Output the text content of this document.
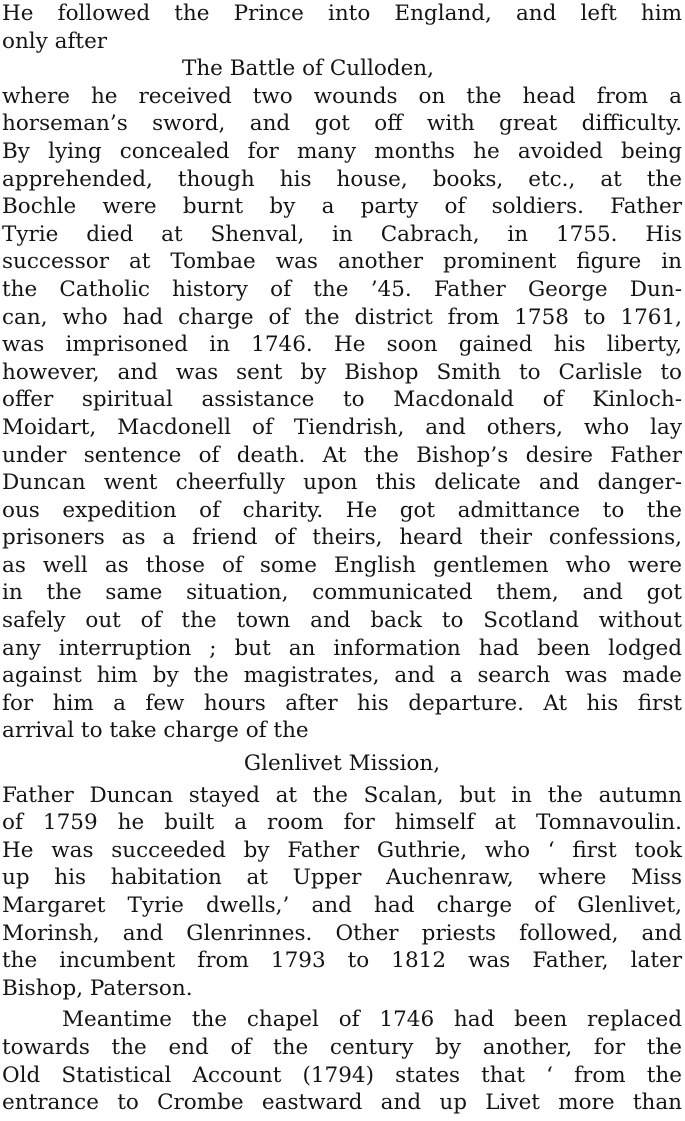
He followed the Prince into England, and left him
only after
The Battle of Culloden,
where he received two wounds on the head from a
horseman’s sword, and got off with great difficulty.
By lying concealed for many months he avoided being
apprehended, though his house, books, etc., at the
Bochle were burnt by a party of soldiers. Father
Tyrie died at Shenval, in Cabrach, in 1755. His
successor at Tombae was another prominent figure in
the Catholic history of the ’45. Father George Dun-
can, who had charge of the district from 1758 to 1761,
was imprisoned in 1746. He soon gained his liberty,
however, and was sent by Bishop Smith to Carlisle to
offer spiritual assistance to Macdonald of Kinloch-
Moidart, Macdonell of Tiendrish, and others, who lay
under sentence of death. At the Bishop’s desire Father
Duncan went cheerfully upon this delicate and danger-
ous expedition of charity. He got admittance to the
prisoners as a friend of theirs, heard their confessions,
as well as those of some English gentlemen who were
in the same situation, communicated them, and got
safely out of the town and back to Scotland without
any interruption ; but an information had been lodged
against him by the magistrates, and a search was made
for him a few hours after his departure. At his first
arrival to take charge of the
Glenlivet Mission,
Father Duncan stayed at the Scalan, but in the autumn
of 1759 he built a room for himself at Tomnavoulin.
He was succeeded by Father Guthrie, who ‘ first took
up his habitation at Upper Auchenraw, where Miss
Margaret Tyrie dwells,’ and had charge of Glenlivet,
Morinsh, and Glenrinnes. Other priests followed, and
the incumbent from 1793 to 1812 was Father, later
Bishop, Paterson.
Meantime the chapel of 1746 had been replaced
towards the end of the century by another, for the
Old Statistical Account (1794) states that ‘ from the
entrance to Crombe eastward and up Livet more than
